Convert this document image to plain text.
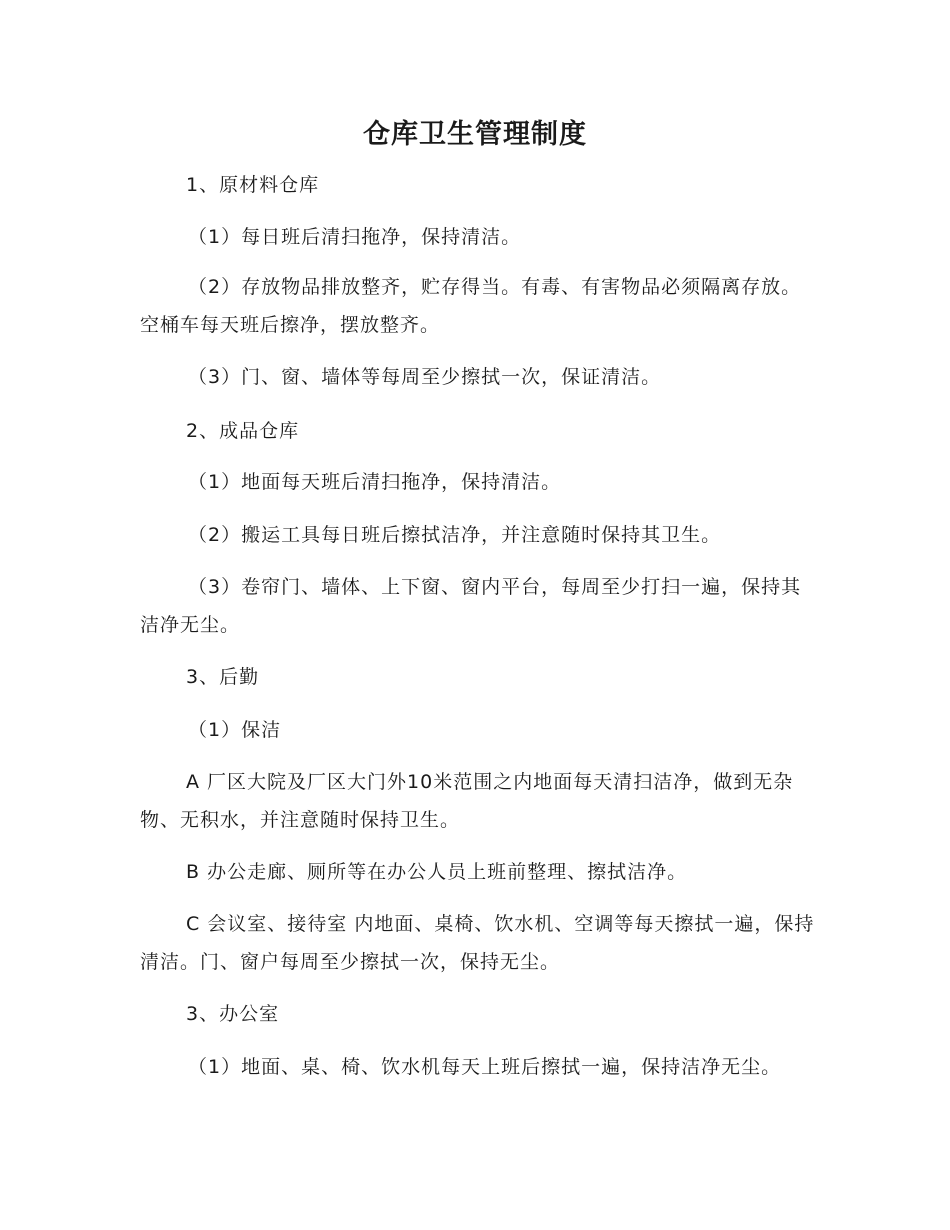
仓库卫生管理制度

1、原材料仓库

（1）每日班后清扫拖净，保持清洁。

（2）存放物品排放整齐，贮存得当。有毒、有害物品必须隔离存放。空桶车每天班后擦净，摆放整齐。

（3）门、窗、墙体等每周至少擦拭一次，保证清洁。

2、成品仓库

（1）地面每天班后清扫拖净，保持清洁。

（2）搬运工具每日班后擦拭洁净，并注意随时保持其卫生。

（3）卷帘门、墙体、上下窗、窗内平台，每周至少打扫一遍，保持其洁净无尘。

3、后勤

（1）保洁

A 厂区大院及厂区大门外10米范围之内地面每天清扫洁净，做到无杂物、无积水，并注意随时保持卫生。

B 办公走廊、厕所等在办公人员上班前整理、擦拭洁净。

C 会议室、接待室 内地面、桌椅、饮水机、空调等每天擦拭一遍，保持清洁。门、窗户每周至少擦拭一次，保持无尘。

3、办公室

（1）地面、桌、椅、饮水机每天上班后擦拭一遍，保持洁净无尘。
